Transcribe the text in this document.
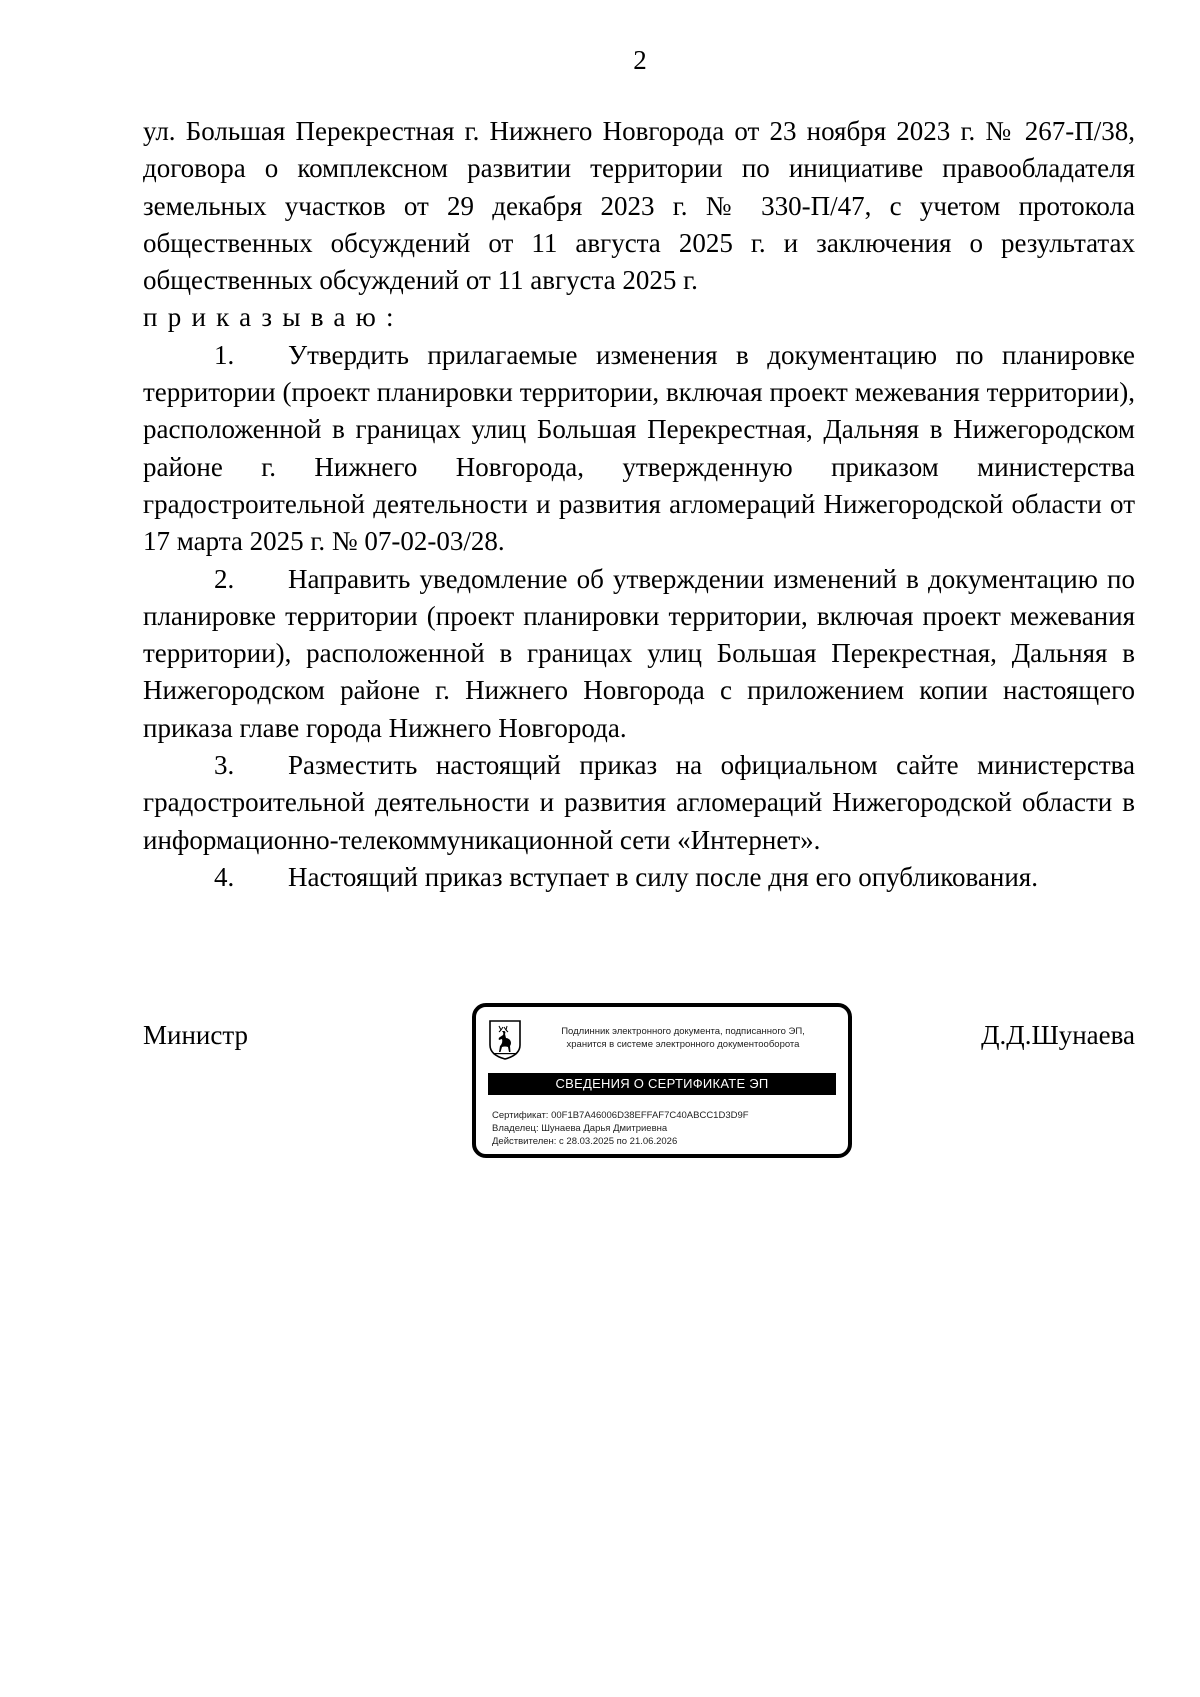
2

ул. Большая Перекрестная г. Нижнего Новгорода от 23 ноября 2023 г. № 267-П/38,

договора о комплексном развитии территории по инициативе правообладателя

земельных участков от 29 декабря 2023 г. № 330-П/47, с учетом протокола

общественных обсуждений от 11 августа 2025 г. и заключения о результатах

общественных обсуждений от 11 августа 2025 г.

приказываю:

1. Утвердить прилагаемые изменения в документацию по планировке территории (проект планировки территории, включая проект межевания территории), расположенной в границах улиц Большая Перекрестная, Дальняя в Нижегородском районе г. Нижнего Новгорода, утвержденную приказом министерства градостроительной деятельности и развития агломераций Нижегородской области от 17 марта 2025 г. № 07-02-03/28.

2. Направить уведомление об утверждении изменений в документацию по планировке территории (проект планировки территории, включая проект межевания территории), расположенной в границах улиц Большая Перекрестная, Дальняя в Нижегородском районе г. Нижнего Новгорода с приложением копии настоящего приказа главе города Нижнего Новгорода.

3. Разместить настоящий приказ на официальном сайте министерства градостроительной деятельности и развития агломераций Нижегородской области в информационно-телекоммуникационной сети «Интернет».

4. Настоящий приказ вступает в силу после дня его опубликования.

Министр	Подлинник электронного документа, подписанного ЭП,
хранится в системе электронного документооборота
СВЕДЕНИЯ О СЕРТИФИКАТЕ ЭП
Сертификат: 00F1B7A46006D38EFFAF7C40ABCC1D3D9F
Владелец: Шунаева Дарья Дмитриевна
Действителен: с 28.03.2025 по 21.06.2026
Д.Д.Шунаева
